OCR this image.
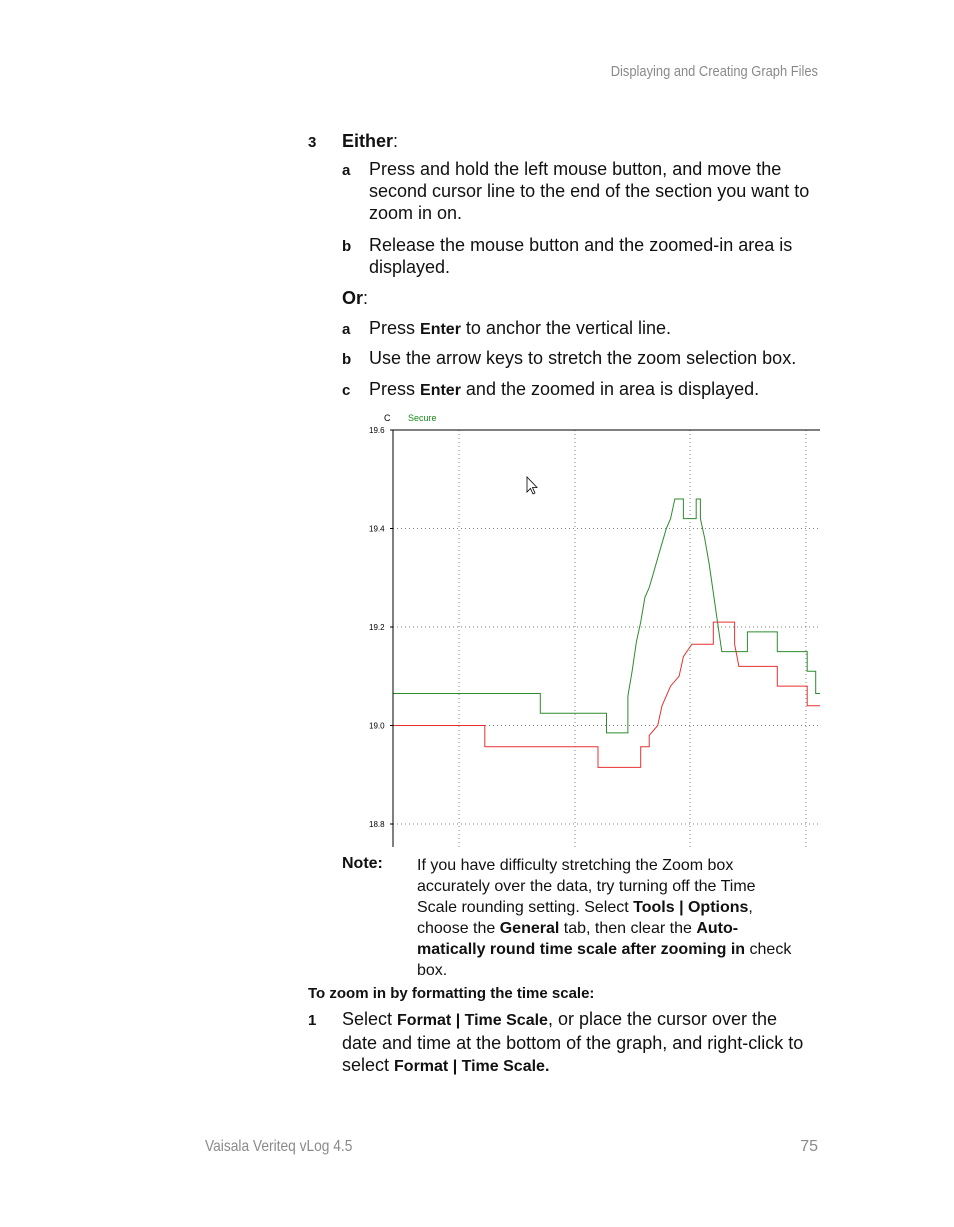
Displaying and Creating Graph Files
3 Either:
a Press and hold the left mouse button, and move the second cursor line to the end of the section you want to zoom in on.
b Release the mouse button and the zoomed-in area is displayed.
Or:
a Press Enter to anchor the vertical line.
b Use the arrow keys to stretch the zoom selection box.
c Press Enter and the zoomed in area is displayed.
C Secure
19.6
19.4
19.2
19.0
18.8
Note: If you have difficulty stretching the Zoom box accurately over the data, try turning off the Time Scale rounding setting. Select Tools | Options, choose the General tab, then clear the Auto-matically round time scale after zooming in check box.
To zoom in by formatting the time scale:
1 Select Format | Time Scale, or place the cursor over the date and time at the bottom of the graph, and right-click to select Format | Time Scale.
Vaisala Veriteq vLog 4.5	75
